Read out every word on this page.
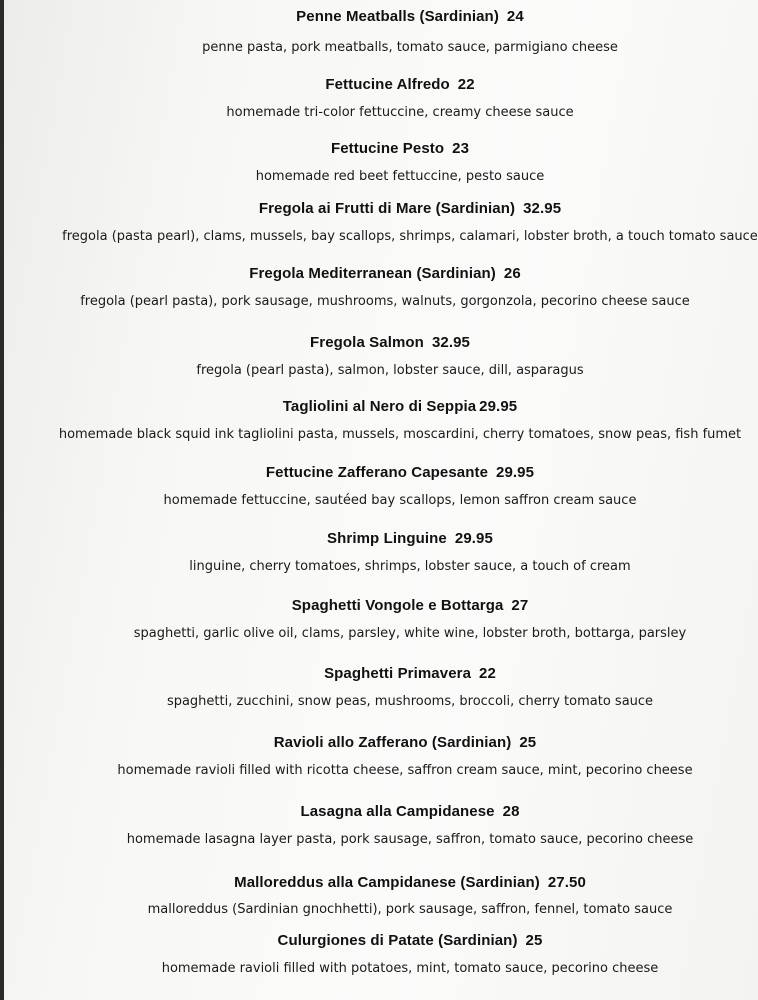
Penne Meatballs (Sardinian) 24
penne pasta, pork meatballs, tomato sauce, parmigiano cheese
Fettucine Alfredo 22
homemade tri-color fettuccine, creamy cheese sauce
Fettucine Pesto 23
homemade red beet fettuccine, pesto sauce
Fregola ai Frutti di Mare (Sardinian) 32.95
fregola (pasta pearl), clams, mussels, bay scallops, shrimps, calamari, lobster broth, a touch tomato sauce
Fregola Mediterranean (Sardinian) 26
fregola (pearl pasta), pork sausage, mushrooms, walnuts, gorgonzola, pecorino cheese sauce
Fregola Salmon 32.95
fregola (pearl pasta), salmon, lobster sauce, dill, asparagus
Tagliolini al Nero di Seppia 29.95
homemade black squid ink tagliolini pasta, mussels, moscardini, cherry tomatoes, snow peas, fish fumet
Fettucine Zafferano Capesante 29.95
homemade fettuccine, sautéed bay scallops, lemon saffron cream sauce
Shrimp Linguine 29.95
linguine, cherry tomatoes, shrimps, lobster sauce, a touch of cream
Spaghetti Vongole e Bottarga 27
spaghetti, garlic olive oil, clams, parsley, white wine, lobster broth, bottarga, parsley
Spaghetti Primavera 22
spaghetti, zucchini, snow peas, mushrooms, broccoli, cherry tomato sauce
Ravioli allo Zafferano (Sardinian) 25
homemade ravioli filled with ricotta cheese, saffron cream sauce, mint, pecorino cheese
Lasagna alla Campidanese 28
homemade lasagna layer pasta, pork sausage, saffron, tomato sauce, pecorino cheese
Malloreddus alla Campidanese (Sardinian) 27.50
malloreddus (Sardinian gnochhetti), pork sausage, saffron, fennel, tomato sauce
Culurgiones di Patate (Sardinian) 25
homemade ravioli filled with potatoes, mint, tomato sauce, pecorino cheese
